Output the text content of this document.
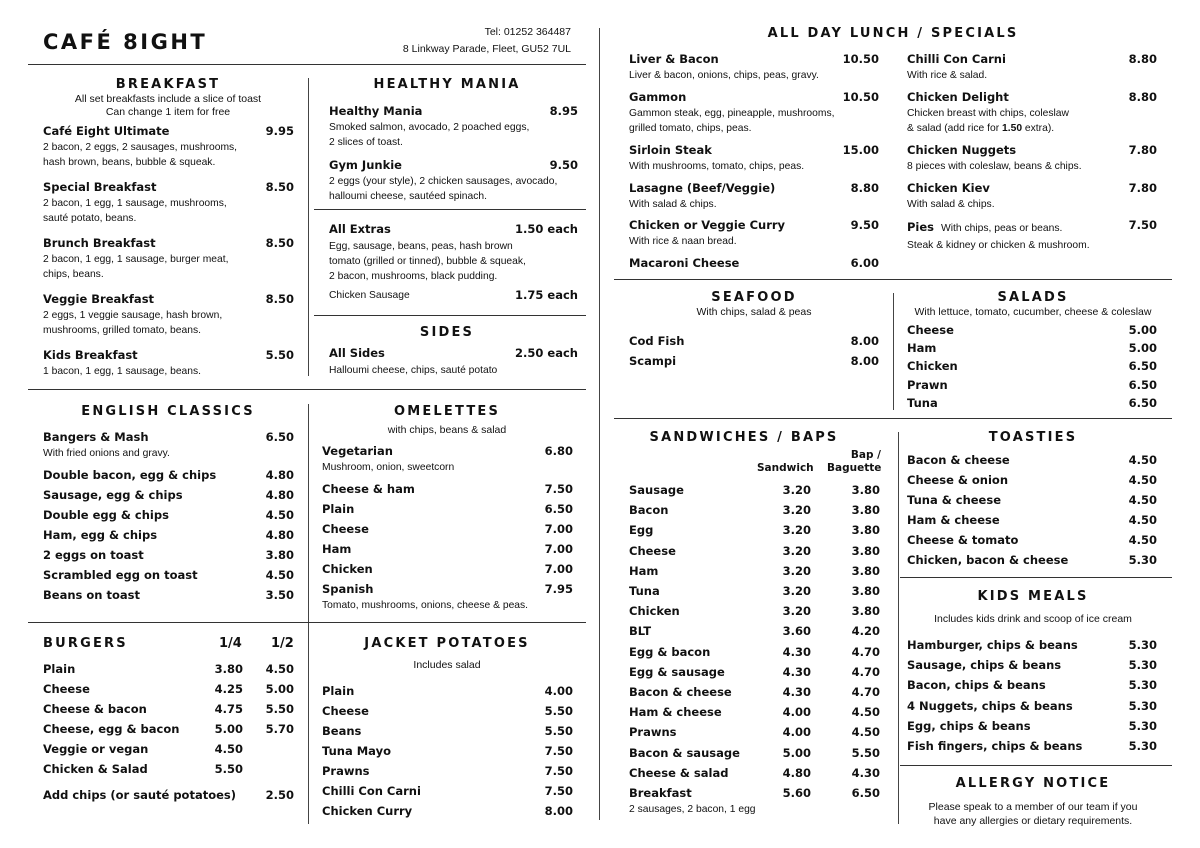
CAFÉ 8IGHT	Tel: 01252 364487
8 Linkway Parade, Fleet, GU52 7UL
BREAKFAST
All set breakfasts include a slice of toast
Can change 1 item for free
Café Eight Ultimate	9.95
2 bacon, 2 eggs, 2 sausages, mushrooms,
hash brown, beans, bubble & squeak.
Special Breakfast	8.50
2 bacon, 1 egg, 1 sausage, mushrooms,
sauté potato, beans.
Brunch Breakfast	8.50
2 bacon, 1 egg, 1 sausage, burger meat,
chips, beans.
Veggie Breakfast	8.50
2 eggs, 1 veggie sausage, hash brown,
mushrooms, grilled tomato, beans.
Kids Breakfast	5.50
1 bacon, 1 egg, 1 sausage, beans.
HEALTHY MANIA
Healthy Mania	8.95
Smoked salmon, avocado, 2 poached eggs,
2 slices of toast.
Gym Junkie	9.50
2 eggs (your style), 2 chicken sausages, avocado,
halloumi cheese, sautéed spinach.
All Extras	1.50 each
Egg, sausage, beans, peas, hash brown
tomato (grilled or tinned), bubble & squeak,
2 bacon, mushrooms, black pudding.
Chicken Sausage	1.75 each
SIDES
All Sides	2.50 each
Halloumi cheese, chips, sauté potato
ENGLISH CLASSICS
Bangers & Mash	6.50
With fried onions and gravy.
Double bacon, egg & chips	4.80
Sausage, egg & chips	4.80
Double egg & chips	4.50
Ham, egg & chips	4.80
2 eggs on toast	3.80
Scrambled egg on toast	4.50
Beans on toast	3.50
OMELETTES
with chips, beans & salad
Vegetarian	6.80
Mushroom, onion, sweetcorn
Cheese & ham	7.50
Plain	6.50
Cheese	7.00
Ham	7.00
Chicken	7.00
Spanish	7.95
Tomato, mushrooms, onions, cheese & peas.
BURGERS	1/4 1/2
Plain	3.80	4.50
Cheese	4.25	5.00
Cheese & bacon	4.75	5.50
Cheese, egg & bacon	5.00	5.70
Veggie or vegan	4.50
Chicken & Salad	5.50
Add chips (or sauté potatoes)	2.50
JACKET POTATOES
Includes salad
Plain	4.00
Cheese	5.50
Beans	5.50
Tuna Mayo	7.50
Prawns	7.50
Chilli Con Carni	7.50
Chicken Curry	8.00
ALL DAY LUNCH / SPECIALS
Liver & Bacon	10.50
Liver & bacon, onions, chips, peas, gravy.
Gammon	10.50
Gammon steak, egg, pineapple, mushrooms,
grilled tomato, chips, peas.
Sirloin Steak	15.00
With mushrooms, tomato, chips, peas.
Lasagne (Beef/Veggie)	8.80
With salad & chips.
Chicken or Veggie Curry	9.50
With rice & naan bread.
Macaroni Cheese	6.00
Chilli Con Carni	8.80
With rice & salad.
Chicken Delight	8.80
Chicken breast with chips, coleslaw
& salad (add rice for 1.50 extra).
Chicken Nuggets	7.80
8 pieces with coleslaw, beans & chips.
Chicken Kiev	7.80
With salad & chips.
Pies With chips, peas or beans.	7.50
Steak & kidney or chicken & mushroom.
SEAFOOD
With chips, salad & peas
Cod Fish	8.00
Scampi	8.00
SALADS
With lettuce, tomato, cucumber, cheese & coleslaw
Cheese	5.00
Ham	5.00
Chicken	6.50
Prawn	6.50
Tuna	6.50
SANDWICHES / BAPS
Sandwich
Bap /
Baguette
Sausage	3.20	3.80
Bacon	3.20	3.80
Egg	3.20	3.80
Cheese	3.20	3.80
Ham	3.20	3.80
Tuna	3.20	3.80
Chicken	3.20	3.80
BLT	3.60	4.20
Egg & bacon	4.30	4.70
Egg & sausage	4.30	4.70
Bacon & cheese	4.30	4.70
Ham & cheese	4.00	4.50
Prawns	4.00	4.50
Bacon & sausage	5.00	5.50
Cheese & salad	4.80	4.30
Breakfast	5.60	6.50
2 sausages, 2 bacon, 1 egg
TOASTIES
Bacon & cheese	4.50
Cheese & onion	4.50
Tuna & cheese	4.50
Ham & cheese	4.50
Cheese & tomato	4.50
Chicken, bacon & cheese	5.30
KIDS MEALS
Includes kids drink and scoop of ice cream
Hamburger, chips & beans	5.30
Sausage, chips & beans	5.30
Bacon, chips & beans	5.30
4 Nuggets, chips & beans	5.30
Egg, chips & beans	5.30
Fish fingers, chips & beans	5.30
ALLERGY NOTICE
Please speak to a member of our team if you
have any allergies or dietary requirements.
